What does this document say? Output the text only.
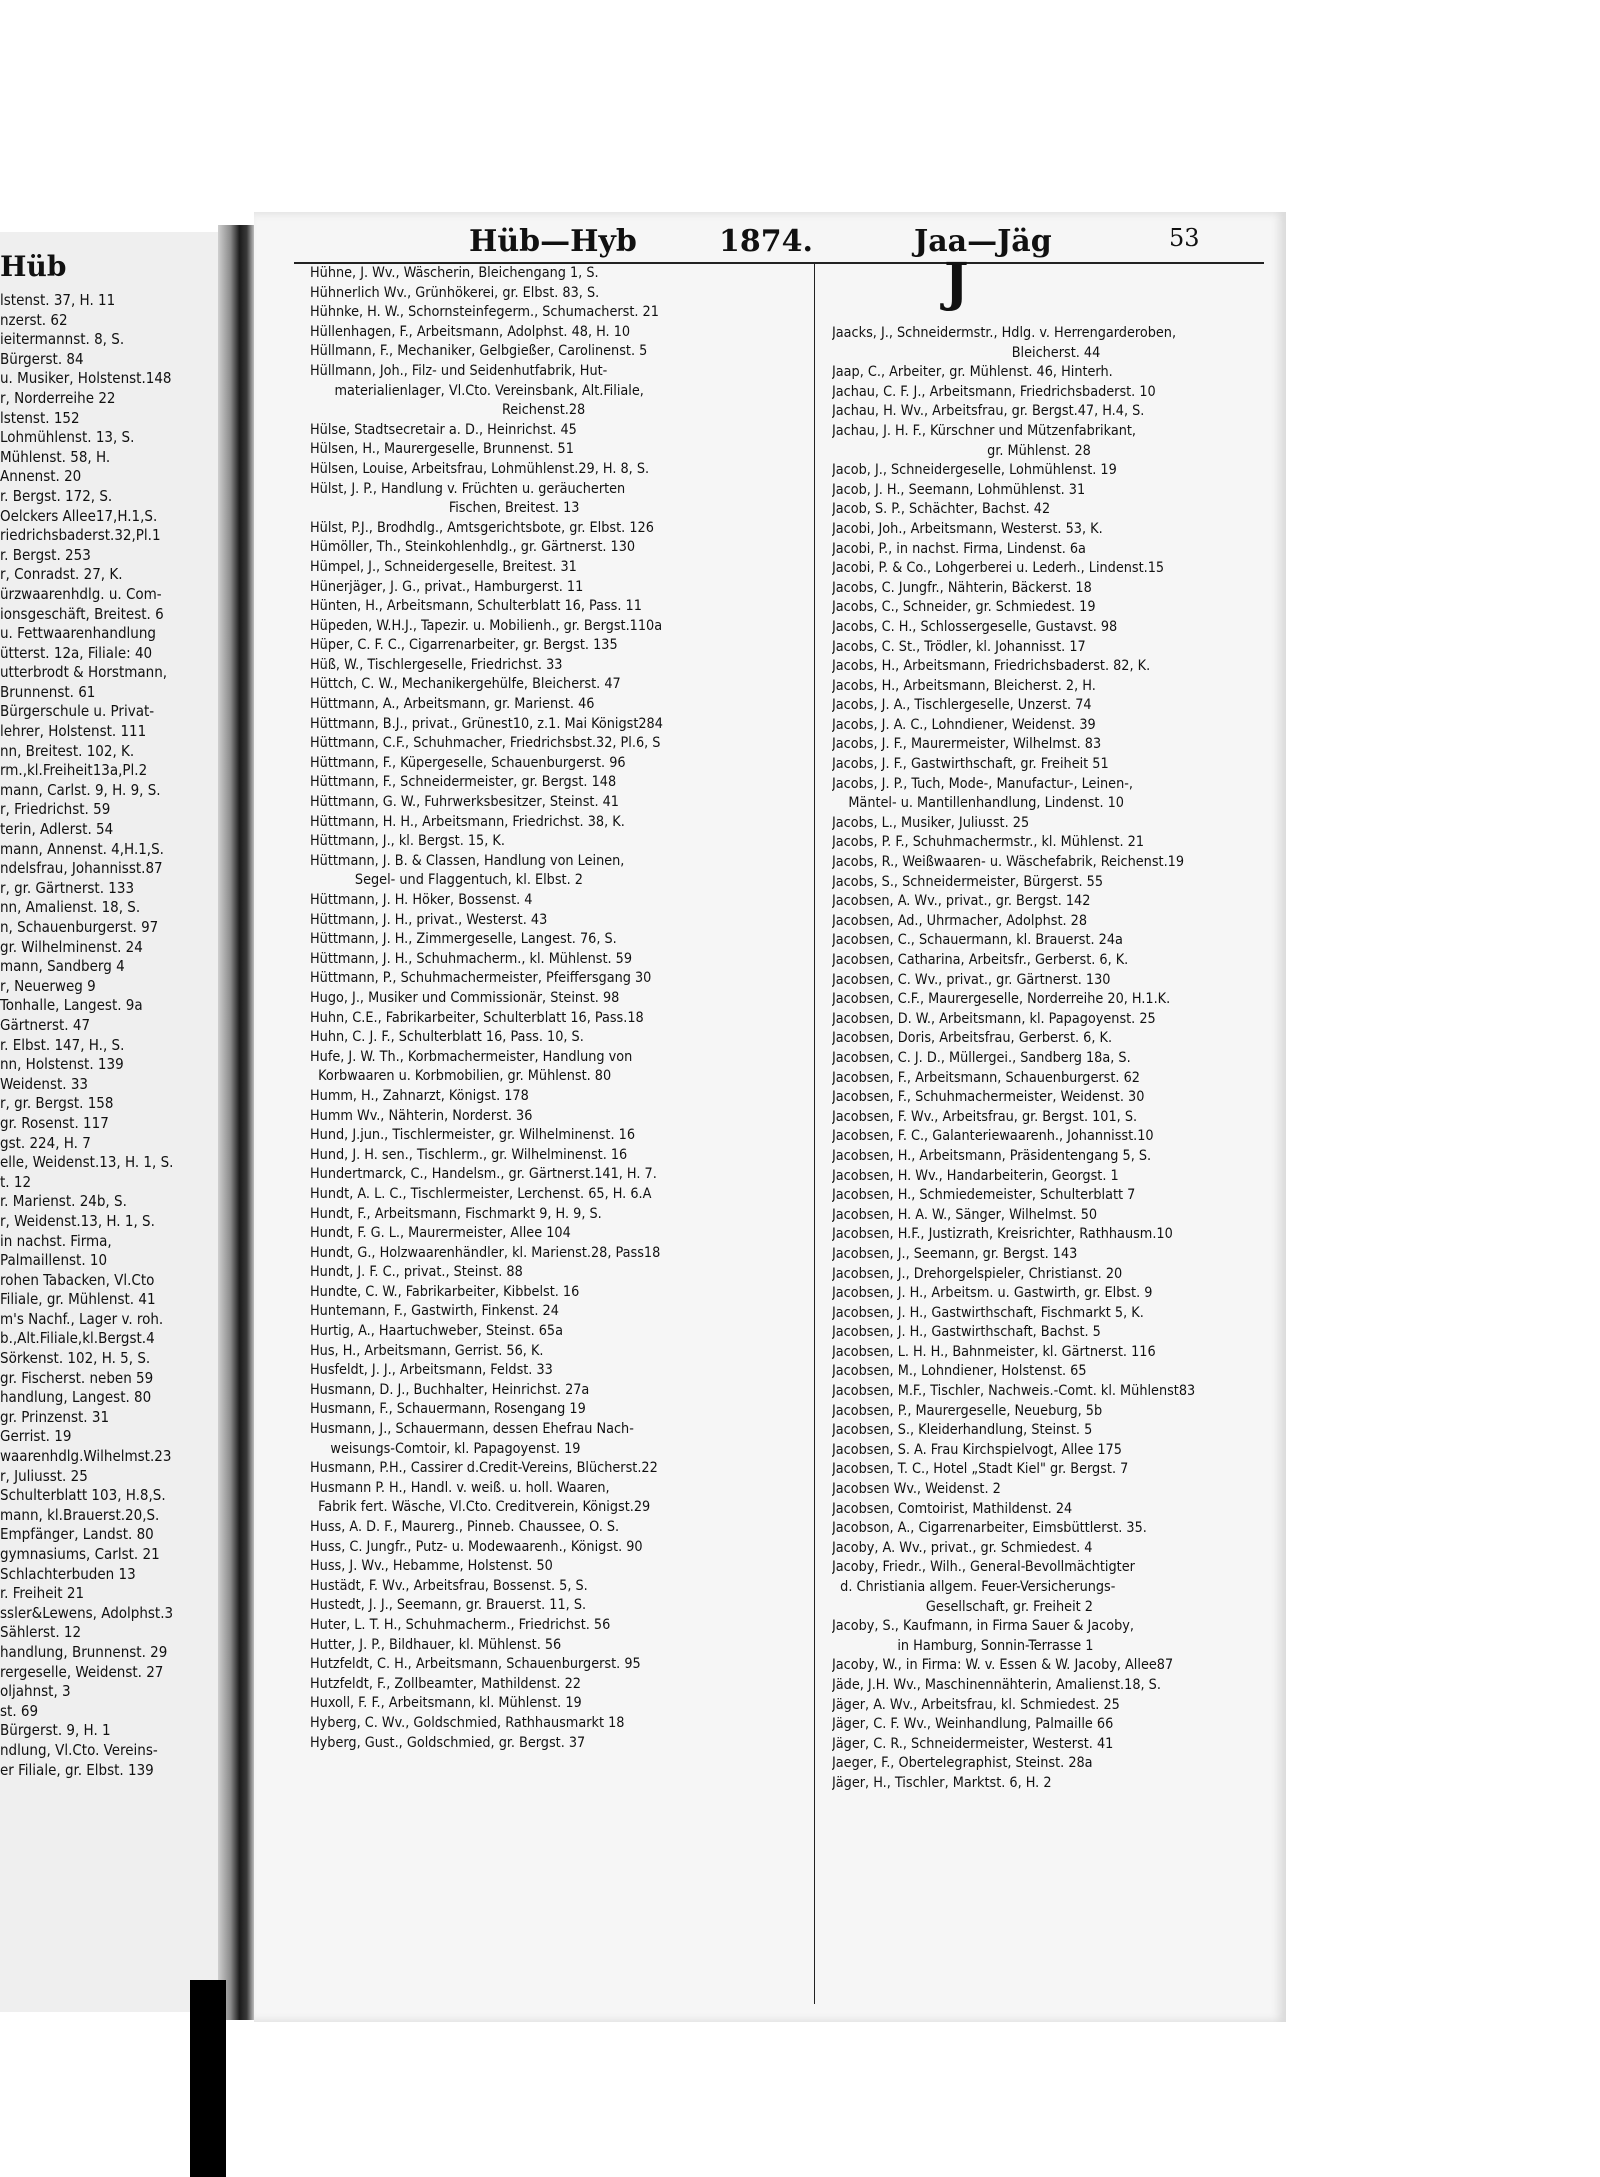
Hüb
lstenst. 37, H. 11
nzerst. 62
ieitermannst. 8, S.
Bürgerst. 84
u. Musiker, Holstenst.148
r, Norderreihe 22
lstenst. 152
Lohmühlenst. 13, S.
Mühlenst. 58, H.
Annenst. 20
r. Bergst. 172, S.
Oelckers Allee17,H.1,S.
riedrichsbaderst.32,Pl.1
r. Bergst. 253
r, Conradst. 27, K.
ürzwaarenhdlg. u. Com-
ionsgeschäft, Breitest. 6
u. Fettwaarenhandlung
ütterst. 12a, Filiale: 40
utterbrodt & Horstmann,
Brunnenst. 61
Bürgerschule u. Privat-
lehrer, Holstenst. 111
nn, Breitest. 102, K.
rm.,kl.Freiheit13a,Pl.2
mann, Carlst. 9, H. 9, S.
r, Friedrichst. 59
terin, Adlerst. 54
mann, Annenst. 4,H.1,S.
ndelsfrau, Johannisst.87
r, gr. Gärtnerst. 133
nn, Amalienst. 18, S.
n, Schauenburgerst. 97
gr. Wilhelminenst. 24
mann, Sandberg 4
r, Neuerweg 9
Tonhalle, Langest. 9a
Gärtnerst. 47
r. Elbst. 147, H., S.
nn, Holstenst. 139
Weidenst. 33
r, gr. Bergst. 158
gr. Rosenst. 117
gst. 224, H. 7
elle, Weidenst.13, H. 1, S.
t. 12
r. Marienst. 24b, S.
r, Weidenst.13, H. 1, S.
in nachst. Firma,
Palmaillenst. 10
rohen Tabacken, Vl.Cto
Filiale, gr. Mühlenst. 41
m's Nachf., Lager v. roh.
b.,Alt.Filiale,kl.Bergst.4
Sörkenst. 102, H. 5, S.
gr. Fischerst. neben 59
handlung, Langest. 80
gr. Prinzenst. 31
Gerrist. 19
waarenhdlg.Wilhelmst.23
r, Juliusst. 25
Schulterblatt 103, H.8,S.
mann, kl.Brauerst.20,S.
Empfänger, Landst. 80
gymnasiums, Carlst. 21
Schlachterbuden 13
r. Freiheit 21
ssler&Lewens, Adolphst.3
Sählerst. 12
handlung, Brunnenst. 29
rergeselle, Weidenst. 27
oljahnst, 3
st. 69
Bürgerst. 9, H. 1
ndlung, Vl.Cto. Vereins-
er Filiale, gr. Elbst. 139
Hüb—Hyb	1874.	Jaa—Jäg	53
J
Hühne, J. Wv., Wäscherin, Bleichengang 1, S.
Hühnerlich Wv., Grünhökerei, gr. Elbst. 83, S.
Hühnke, H. W., Schornsteinfegerm., Schumacherst. 21
Hüllenhagen, F., Arbeitsmann, Adolphst. 48, H. 10
Hüllmann, F., Mechaniker, Gelbgießer, Carolinenst. 5
Hüllmann, Joh., Filz- und Seidenhutfabrik, Hut-
materialienlager, Vl.Cto. Vereinsbank, Alt.Filiale,
Reichenst.28
Hülse, Stadtsecretair a. D., Heinrichst. 45
Hülsen, H., Maurergeselle, Brunnenst. 51
Hülsen, Louise, Arbeitsfrau, Lohmühlenst.29, H. 8, S.
Hülst, J. P., Handlung v. Früchten u. geräucherten
Fischen, Breitest. 13
Hülst, P.J., Brodhdlg., Amtsgerichtsbote, gr. Elbst. 126
Hümöller, Th., Steinkohlenhdlg., gr. Gärtnerst. 130
Hümpel, J., Schneidergeselle, Breitest. 31
Hünerjäger, J. G., privat., Hamburgerst. 11
Hünten, H., Arbeitsmann, Schulterblatt 16, Pass. 11
Hüpeden, W.H.J., Tapezir. u. Mobilienh., gr. Bergst.110a
Hüper, C. F. C., Cigarrenarbeiter, gr. Bergst. 135
Hüß, W., Tischlergeselle, Friedrichst. 33
Hüttch, C. W., Mechanikergehülfe, Bleicherst. 47
Hüttmann, A., Arbeitsmann, gr. Marienst. 46
Hüttmann, B.J., privat., Grünest10, z.1. Mai Königst284
Hüttmann, C.F., Schuhmacher, Friedrichsbst.32, Pl.6, S
Hüttmann, F., Küpergeselle, Schauenburgerst. 96
Hüttmann, F., Schneidermeister, gr. Bergst. 148
Hüttmann, G. W., Fuhrwerksbesitzer, Steinst. 41
Hüttmann, H. H., Arbeitsmann, Friedrichst. 38, K.
Hüttmann, J., kl. Bergst. 15, K.
Hüttmann, J. B. & Classen, Handlung von Leinen,
Segel- und Flaggentuch, kl. Elbst. 2
Hüttmann, J. H. Höker, Bossenst. 4
Hüttmann, J. H., privat., Westerst. 43
Hüttmann, J. H., Zimmergeselle, Langest. 76, S.
Hüttmann, J. H., Schuhmacherm., kl. Mühlenst. 59
Hüttmann, P., Schuhmachermeister, Pfeiffersgang 30
Hugo, J., Musiker und Commissionär, Steinst. 98
Huhn, C.E., Fabrikarbeiter, Schulterblatt 16, Pass.18
Huhn, C. J. F., Schulterblatt 16, Pass. 10, S.
Hufe, J. W. Th., Korbmachermeister, Handlung von
Korbwaaren u. Korbmobilien, gr. Mühlenst. 80
Humm, H., Zahnarzt, Königst. 178
Humm Wv., Nähterin, Norderst. 36
Hund, J.jun., Tischlermeister, gr. Wilhelminenst. 16
Hund, J. H. sen., Tischlerm., gr. Wilhelminenst. 16
Hundertmarck, C., Handelsm., gr. Gärtnerst.141, H. 7.
Hundt, A. L. C., Tischlermeister, Lerchenst. 65, H. 6.A
Hundt, F., Arbeitsmann, Fischmarkt 9, H. 9, S.
Hundt, F. G. L., Maurermeister, Allee 104
Hundt, G., Holzwaarenhändler, kl. Marienst.28, Pass18
Hundt, J. F. C., privat., Steinst. 88
Hundte, C. W., Fabrikarbeiter, Kibbelst. 16
Huntemann, F., Gastwirth, Finkenst. 24
Hurtig, A., Haartuchweber, Steinst. 65a
Hus, H., Arbeitsmann, Gerrist. 56, K.
Husfeldt, J. J., Arbeitsmann, Feldst. 33
Husmann, D. J., Buchhalter, Heinrichst. 27a
Husmann, F., Schauermann, Rosengang 19
Husmann, J., Schauermann, dessen Ehefrau Nach-
weisungs-Comtoir, kl. Papagoyenst. 19
Husmann, P.H., Cassirer d.Credit-Vereins, Blücherst.22
Husmann P. H., Handl. v. weiß. u. holl. Waaren,
Fabrik fert. Wäsche, Vl.Cto. Creditverein, Königst.29
Huss, A. D. F., Maurerg., Pinneb. Chaussee, O. S.
Huss, C. Jungfr., Putz- u. Modewaarenh., Königst. 90
Huss, J. Wv., Hebamme, Holstenst. 50
Hustädt, F. Wv., Arbeitsfrau, Bossenst. 5, S.
Hustedt, J. J., Seemann, gr. Brauerst. 11, S.
Huter, L. T. H., Schuhmacherm., Friedrichst. 56
Hutter, J. P., Bildhauer, kl. Mühlenst. 56
Hutzfeldt, C. H., Arbeitsmann, Schauenburgerst. 95
Hutzfeldt, F., Zollbeamter, Mathildenst. 22
Huxoll, F. F., Arbeitsmann, kl. Mühlenst. 19
Hyberg, C. Wv., Goldschmied, Rathhausmarkt 18
Hyberg, Gust., Goldschmied, gr. Bergst. 37
Jaacks, J., Schneidermstr., Hdlg. v. Herrengarderoben,
Bleicherst. 44
Jaap, C., Arbeiter, gr. Mühlenst. 46, Hinterh.
Jachau, C. F. J., Arbeitsmann, Friedrichsbaderst. 10
Jachau, H. Wv., Arbeitsfrau, gr. Bergst.47, H.4, S.
Jachau, J. H. F., Kürschner und Mützenfabrikant,
gr. Mühlenst. 28
Jacob, J., Schneidergeselle, Lohmühlenst. 19
Jacob, J. H., Seemann, Lohmühlenst. 31
Jacob, S. P., Schächter, Bachst. 42
Jacobi, Joh., Arbeitsmann, Westerst. 53, K.
Jacobi, P., in nachst. Firma, Lindenst. 6a
Jacobi, P. & Co., Lohgerberei u. Lederh., Lindenst.15
Jacobs, C. Jungfr., Nähterin, Bäckerst. 18
Jacobs, C., Schneider, gr. Schmiedest. 19
Jacobs, C. H., Schlossergeselle, Gustavst. 98
Jacobs, C. St., Trödler, kl. Johannisst. 17
Jacobs, H., Arbeitsmann, Friedrichsbaderst. 82, K.
Jacobs, H., Arbeitsmann, Bleicherst. 2, H.
Jacobs, J. A., Tischlergeselle, Unzerst. 74
Jacobs, J. A. C., Lohndiener, Weidenst. 39
Jacobs, J. F., Maurermeister, Wilhelmst. 83
Jacobs, J. F., Gastwirthschaft, gr. Freiheit 51
Jacobs, J. P., Tuch, Mode-, Manufactur-, Leinen-,
Mäntel- u. Mantillenhandlung, Lindenst. 10
Jacobs, L., Musiker, Juliusst. 25
Jacobs, P. F., Schuhmachermstr., kl. Mühlenst. 21
Jacobs, R., Weißwaaren- u. Wäschefabrik, Reichenst.19
Jacobs, S., Schneidermeister, Bürgerst. 55
Jacobsen, A. Wv., privat., gr. Bergst. 142
Jacobsen, Ad., Uhrmacher, Adolphst. 28
Jacobsen, C., Schauermann, kl. Brauerst. 24a
Jacobsen, Catharina, Arbeitsfr., Gerberst. 6, K.
Jacobsen, C. Wv., privat., gr. Gärtnerst. 130
Jacobsen, C.F., Maurergeselle, Norderreihe 20, H.1.K.
Jacobsen, D. W., Arbeitsmann, kl. Papagoyenst. 25
Jacobsen, Doris, Arbeitsfrau, Gerberst. 6, K.
Jacobsen, C. J. D., Müllergei., Sandberg 18a, S.
Jacobsen, F., Arbeitsmann, Schauenburgerst. 62
Jacobsen, F., Schuhmachermeister, Weidenst. 30
Jacobsen, F. Wv., Arbeitsfrau, gr. Bergst. 101, S.
Jacobsen, F. C., Galanteriewaarenh., Johannisst.10
Jacobsen, H., Arbeitsmann, Präsidentengang 5, S.
Jacobsen, H. Wv., Handarbeiterin, Georgst. 1
Jacobsen, H., Schmiedemeister, Schulterblatt 7
Jacobsen, H. A. W., Sänger, Wilhelmst. 50
Jacobsen, H.F., Justizrath, Kreisrichter, Rathhausm.10
Jacobsen, J., Seemann, gr. Bergst. 143
Jacobsen, J., Drehorgelspieler, Christianst. 20
Jacobsen, J. H., Arbeitsm. u. Gastwirth, gr. Elbst. 9
Jacobsen, J. H., Gastwirthschaft, Fischmarkt 5, K.
Jacobsen, J. H., Gastwirthschaft, Bachst. 5
Jacobsen, L. H. H., Bahnmeister, kl. Gärtnerst. 116
Jacobsen, M., Lohndiener, Holstenst. 65
Jacobsen, M.F., Tischler, Nachweis.-Comt. kl. Mühlenst83
Jacobsen, P., Maurergeselle, Neueburg, 5b
Jacobsen, S., Kleiderhandlung, Steinst. 5
Jacobsen, S. A. Frau Kirchspielvogt, Allee 175
Jacobsen, T. C., Hotel „Stadt Kiel" gr. Bergst. 7
Jacobsen Wv., Weidenst. 2
Jacobsen, Comtoirist, Mathildenst. 24
Jacobson, A., Cigarrenarbeiter, Eimsbüttlerst. 35.
Jacoby, A. Wv., privat., gr. Schmiedest. 4
Jacoby, Friedr., Wilh., General-Bevollmächtigter
d. Christiania allgem. Feuer-Versicherungs-
Gesellschaft, gr. Freiheit 2
Jacoby, S., Kaufmann, in Firma Sauer & Jacoby,
in Hamburg, Sonnin-Terrasse 1
Jacoby, W., in Firma: W. v. Essen & W. Jacoby, Allee87
Jäde, J.H. Wv., Maschinennähterin, Amalienst.18, S.
Jäger, A. Wv., Arbeitsfrau, kl. Schmiedest. 25
Jäger, C. F. Wv., Weinhandlung, Palmaille 66
Jäger, C. R., Schneidermeister, Westerst. 41
Jaeger, F., Obertelegraphist, Steinst. 28a
Jäger, H., Tischler, Marktst. 6, H. 2
